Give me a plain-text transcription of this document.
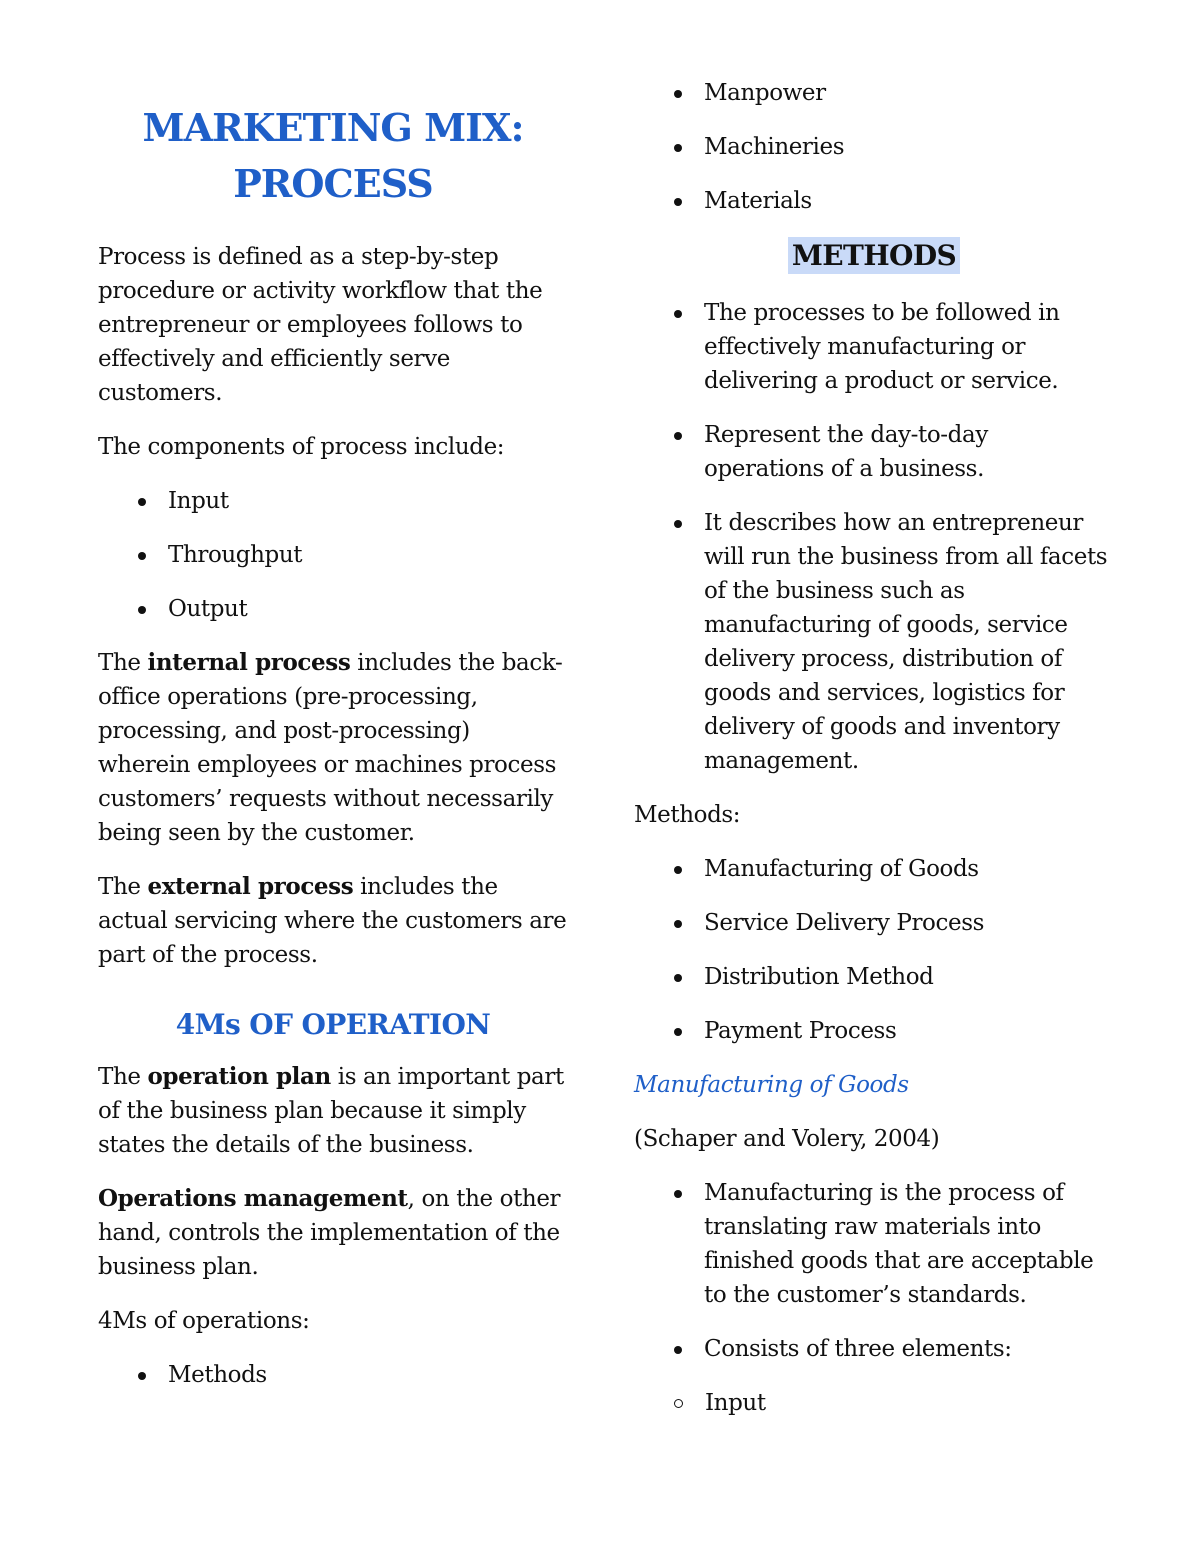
MARKETING MIX:
PROCESS

Process is defined as a step-by-step procedure or activity workflow that the entrepreneur or employees follows to effectively and efficiently serve customers.

The components of process include:

Input
Throughput
Output

The internal process includes the back-office operations (pre-processing, processing, and post-processing) wherein employees or machines process customers’ requests without necessarily being seen by the customer.

The external process includes the actual servicing where the customers are part of the process.

4Ms OF OPERATION

The operation plan is an important part of the business plan because it simply states the details of the business.

Operations management, on the other hand, controls the implementation of the business plan.

4Ms of operations:

Methods
Manpower
Machineries
Materials
METHODS
The processes to be followed in effectively manufacturing or delivering a product or service.
Represent the day-to-day operations of a business.
It describes how an entrepreneur will run the business from all facets of the business such as manufacturing of goods, service delivery process, distribution of goods and services, logistics for delivery of goods and inventory management.

Methods:

Manufacturing of Goods
Service Delivery Process
Distribution Method
Payment Process
Manufacturing of Goods

(Schaper and Volery, 2004)

Manufacturing is the process of translating raw materials into finished goods that are acceptable to the customer’s standards.
Consists of three elements:
Input
